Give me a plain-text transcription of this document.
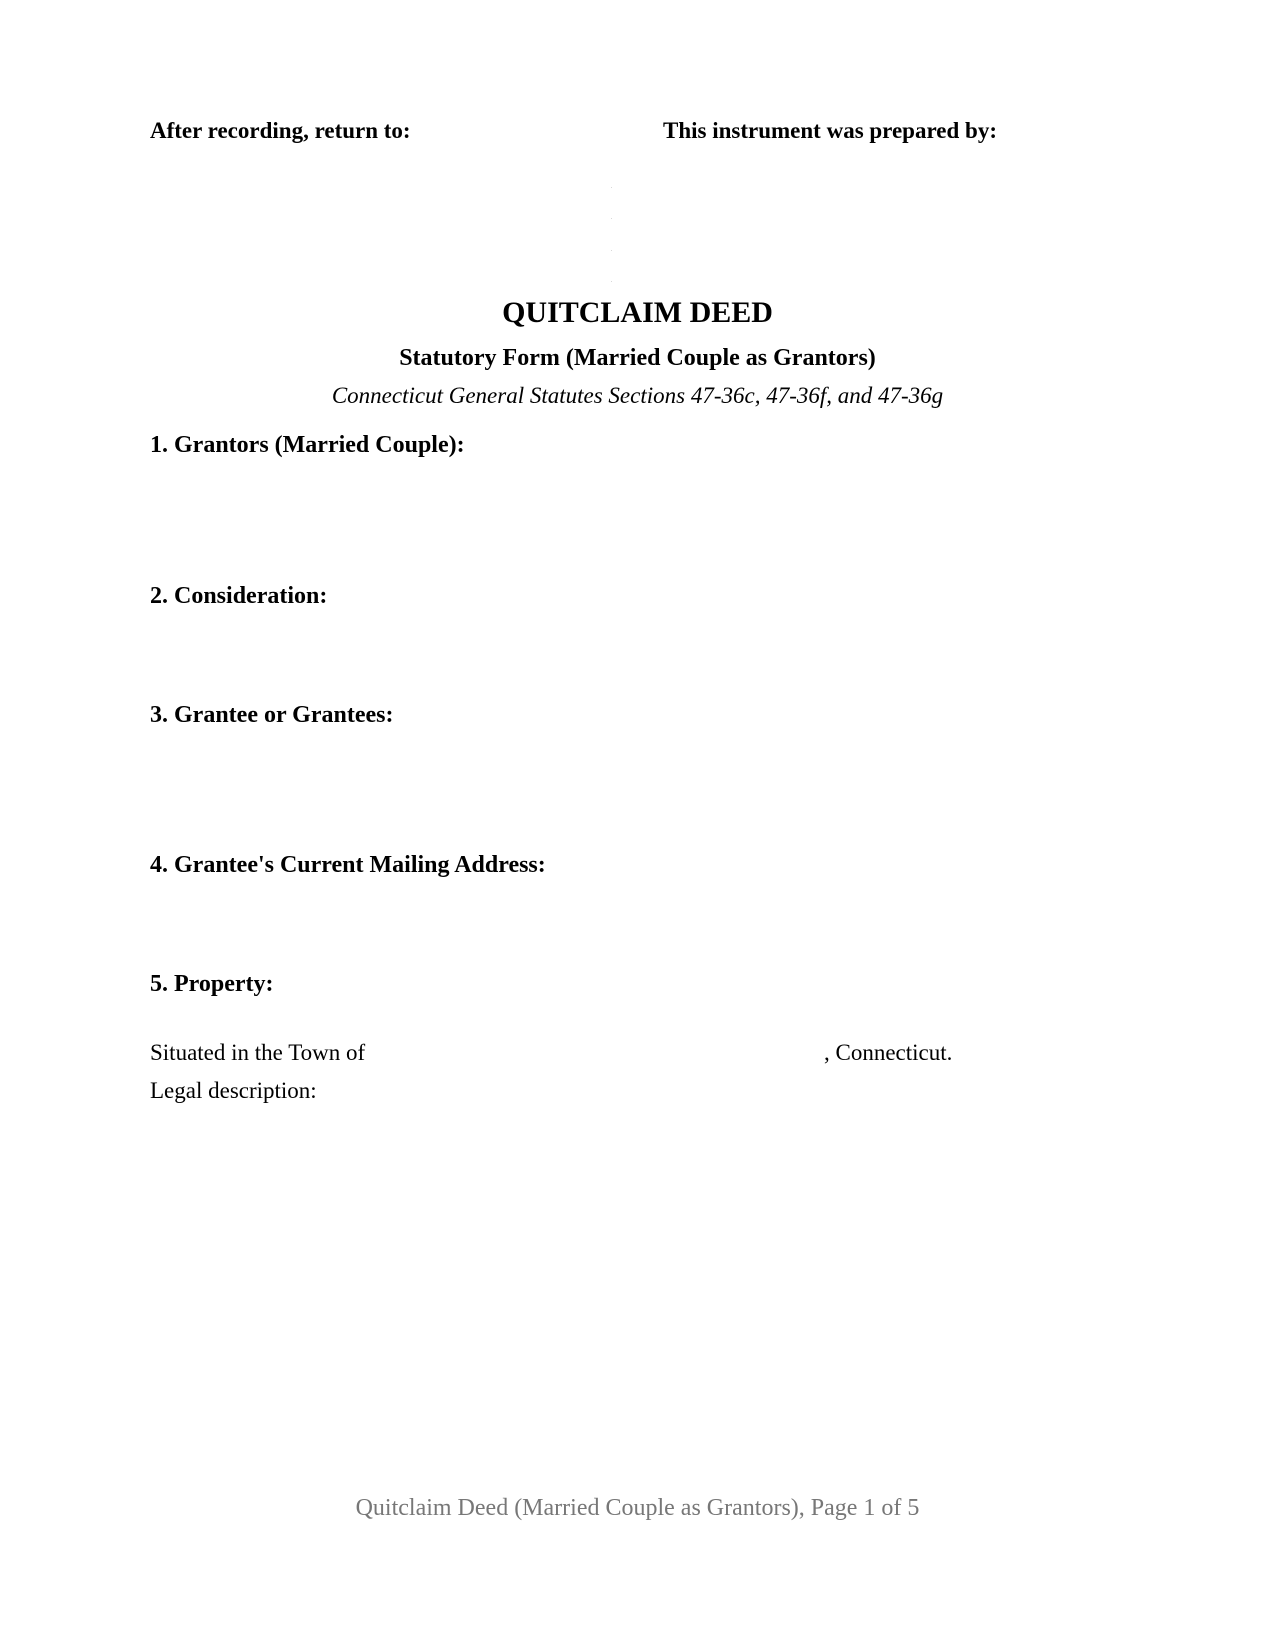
After recording, return to:	This instrument was prepared by:
QUITCLAIM DEED
Statutory Form (Married Couple as Grantors)
Connecticut General Statutes Sections 47-36c, 47-36f, and 47-36g
1. Grantors (Married Couple):
2. Consideration:
3. Grantee or Grantees:
4. Grantee's Current Mailing Address:
5. Property:
Situated in the Town of	, Connecticut.
Legal description:
Quitclaim Deed (Married Couple as Grantors), Page 1 of 5
